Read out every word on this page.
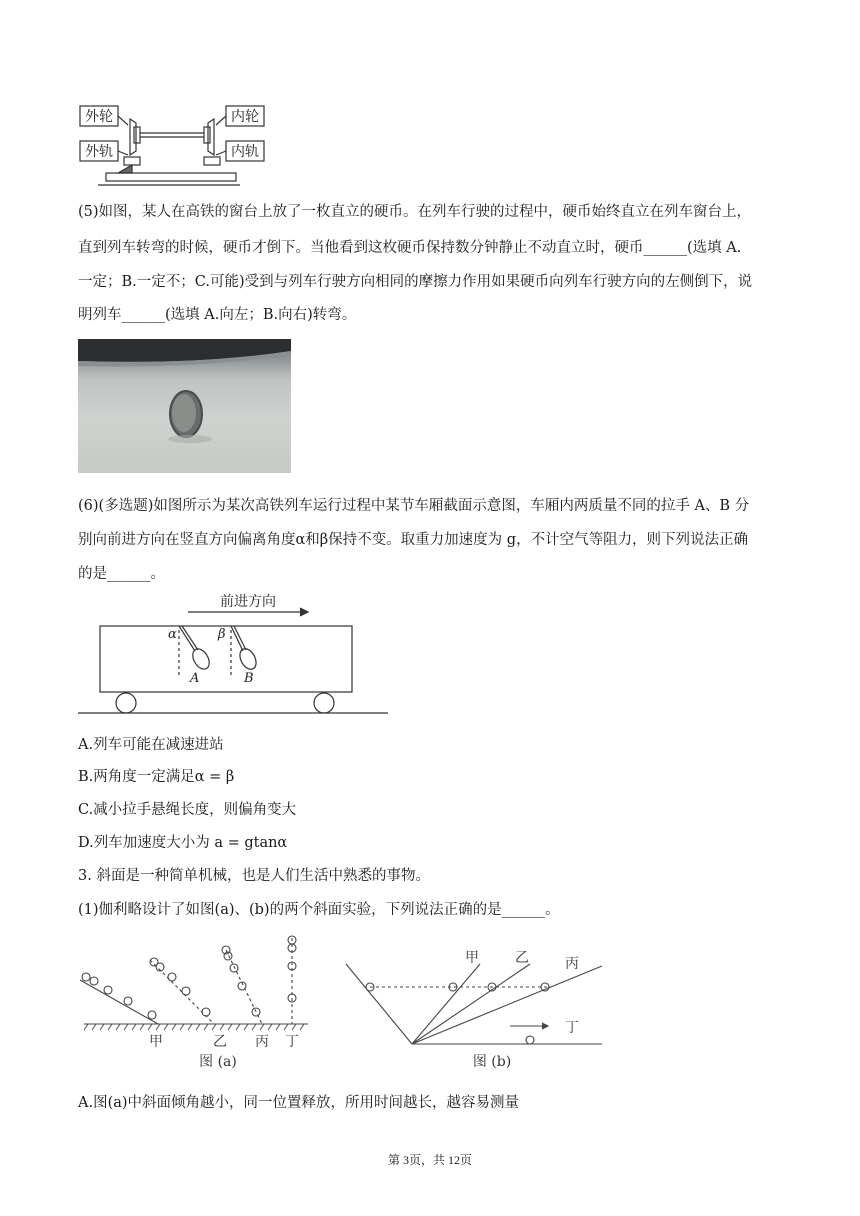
外轮
外轨
内轮
内轨
(5)如图，某人在高铁的窗台上放了一枚直立的硬币。在列车行驶的过程中，硬币始终直立在列车窗台上，
直到列车转弯的时候，硬币才倒下。当他看到这枚硬币保持数分钟静止不动直立时，硬币______(选填 A.
一定；B.一定不；C.可能)受到与列车行驶方向相同的摩擦力作用如果硬币向列车行驶方向的左侧倒下，说
明列车______(选填 A.向左；B.向右)转弯。
(6)(多选题)如图所示为某次高铁列车运行过程中某节车厢截面示意图，车厢内两质量不同的拉手 A、B 分
别向前进方向在竖直方向偏离角度α和β保持不变。取重力加速度为 g，不计空气等阻力，则下列说法正确
的是______。
前进方向
α	β
A	B
A.列车可能在减速进站
B.两角度一定满足α = β
C.减小拉手悬绳长度，则偏角变大
D.列车加速度大小为 a = gtanα
3. 斜面是一种简单机械，也是人们生活中熟悉的事物。
(1)伽利略设计了如图(a)、(b)的两个斜面实验，下列说法正确的是______。
甲	乙 丙 丁
图 (a)
甲	乙	丙
丁
图 (b)
A.图(a)中斜面倾角越小，同一位置释放，所用时间越长，越容易测量
第 3页，共 12页
